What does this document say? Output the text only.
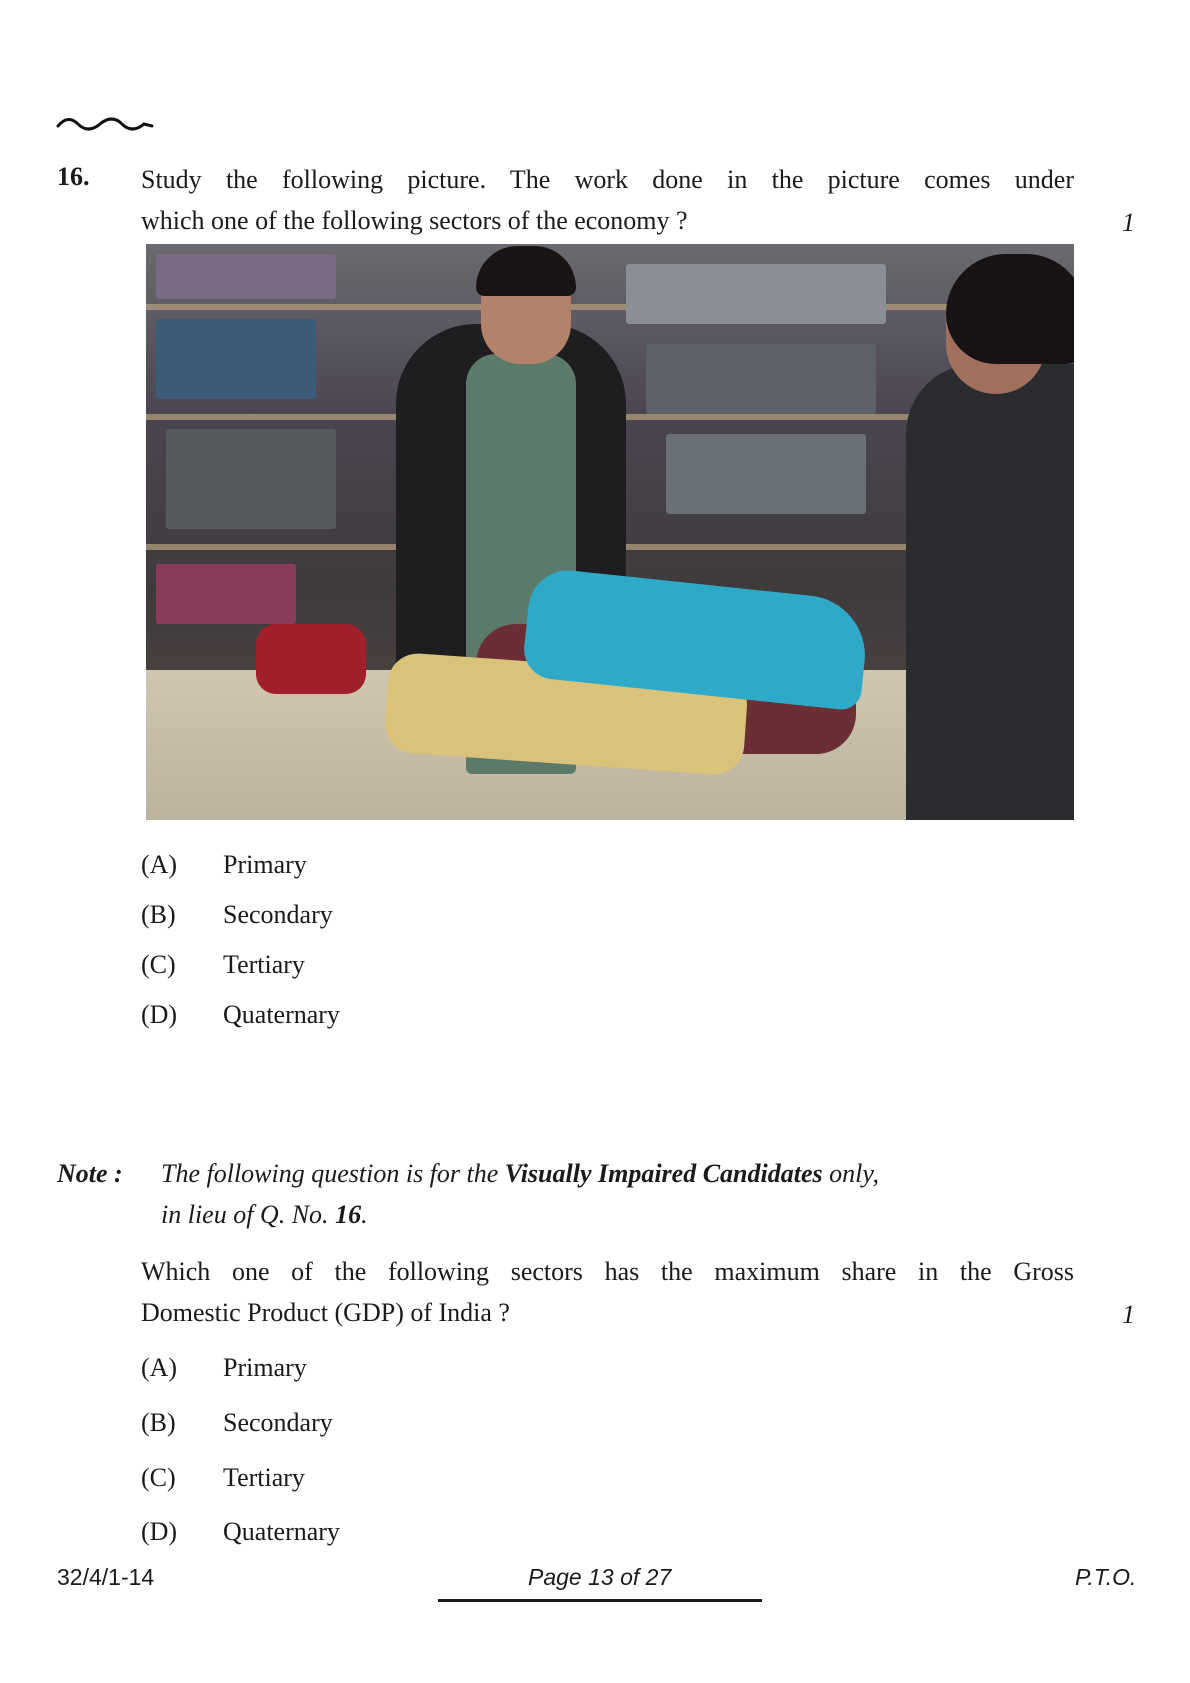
16. Study the following picture. The work done in the picture comes under
which one of the following sectors of the economy ?	1
(A) Primary
(B) Secondary
(C) Tertiary
(D) Quaternary
Note : The following question is for the Visually Impaired Candidates only,
in lieu of Q. No. 16.
Which one of the following sectors has the maximum share in the Gross
Domestic Product (GDP) of India ?	1
(A) Primary
(B) Secondary
(C) Tertiary
(D) Quaternary
32/4/1-14	Page 13 of 27	P.T.O.
